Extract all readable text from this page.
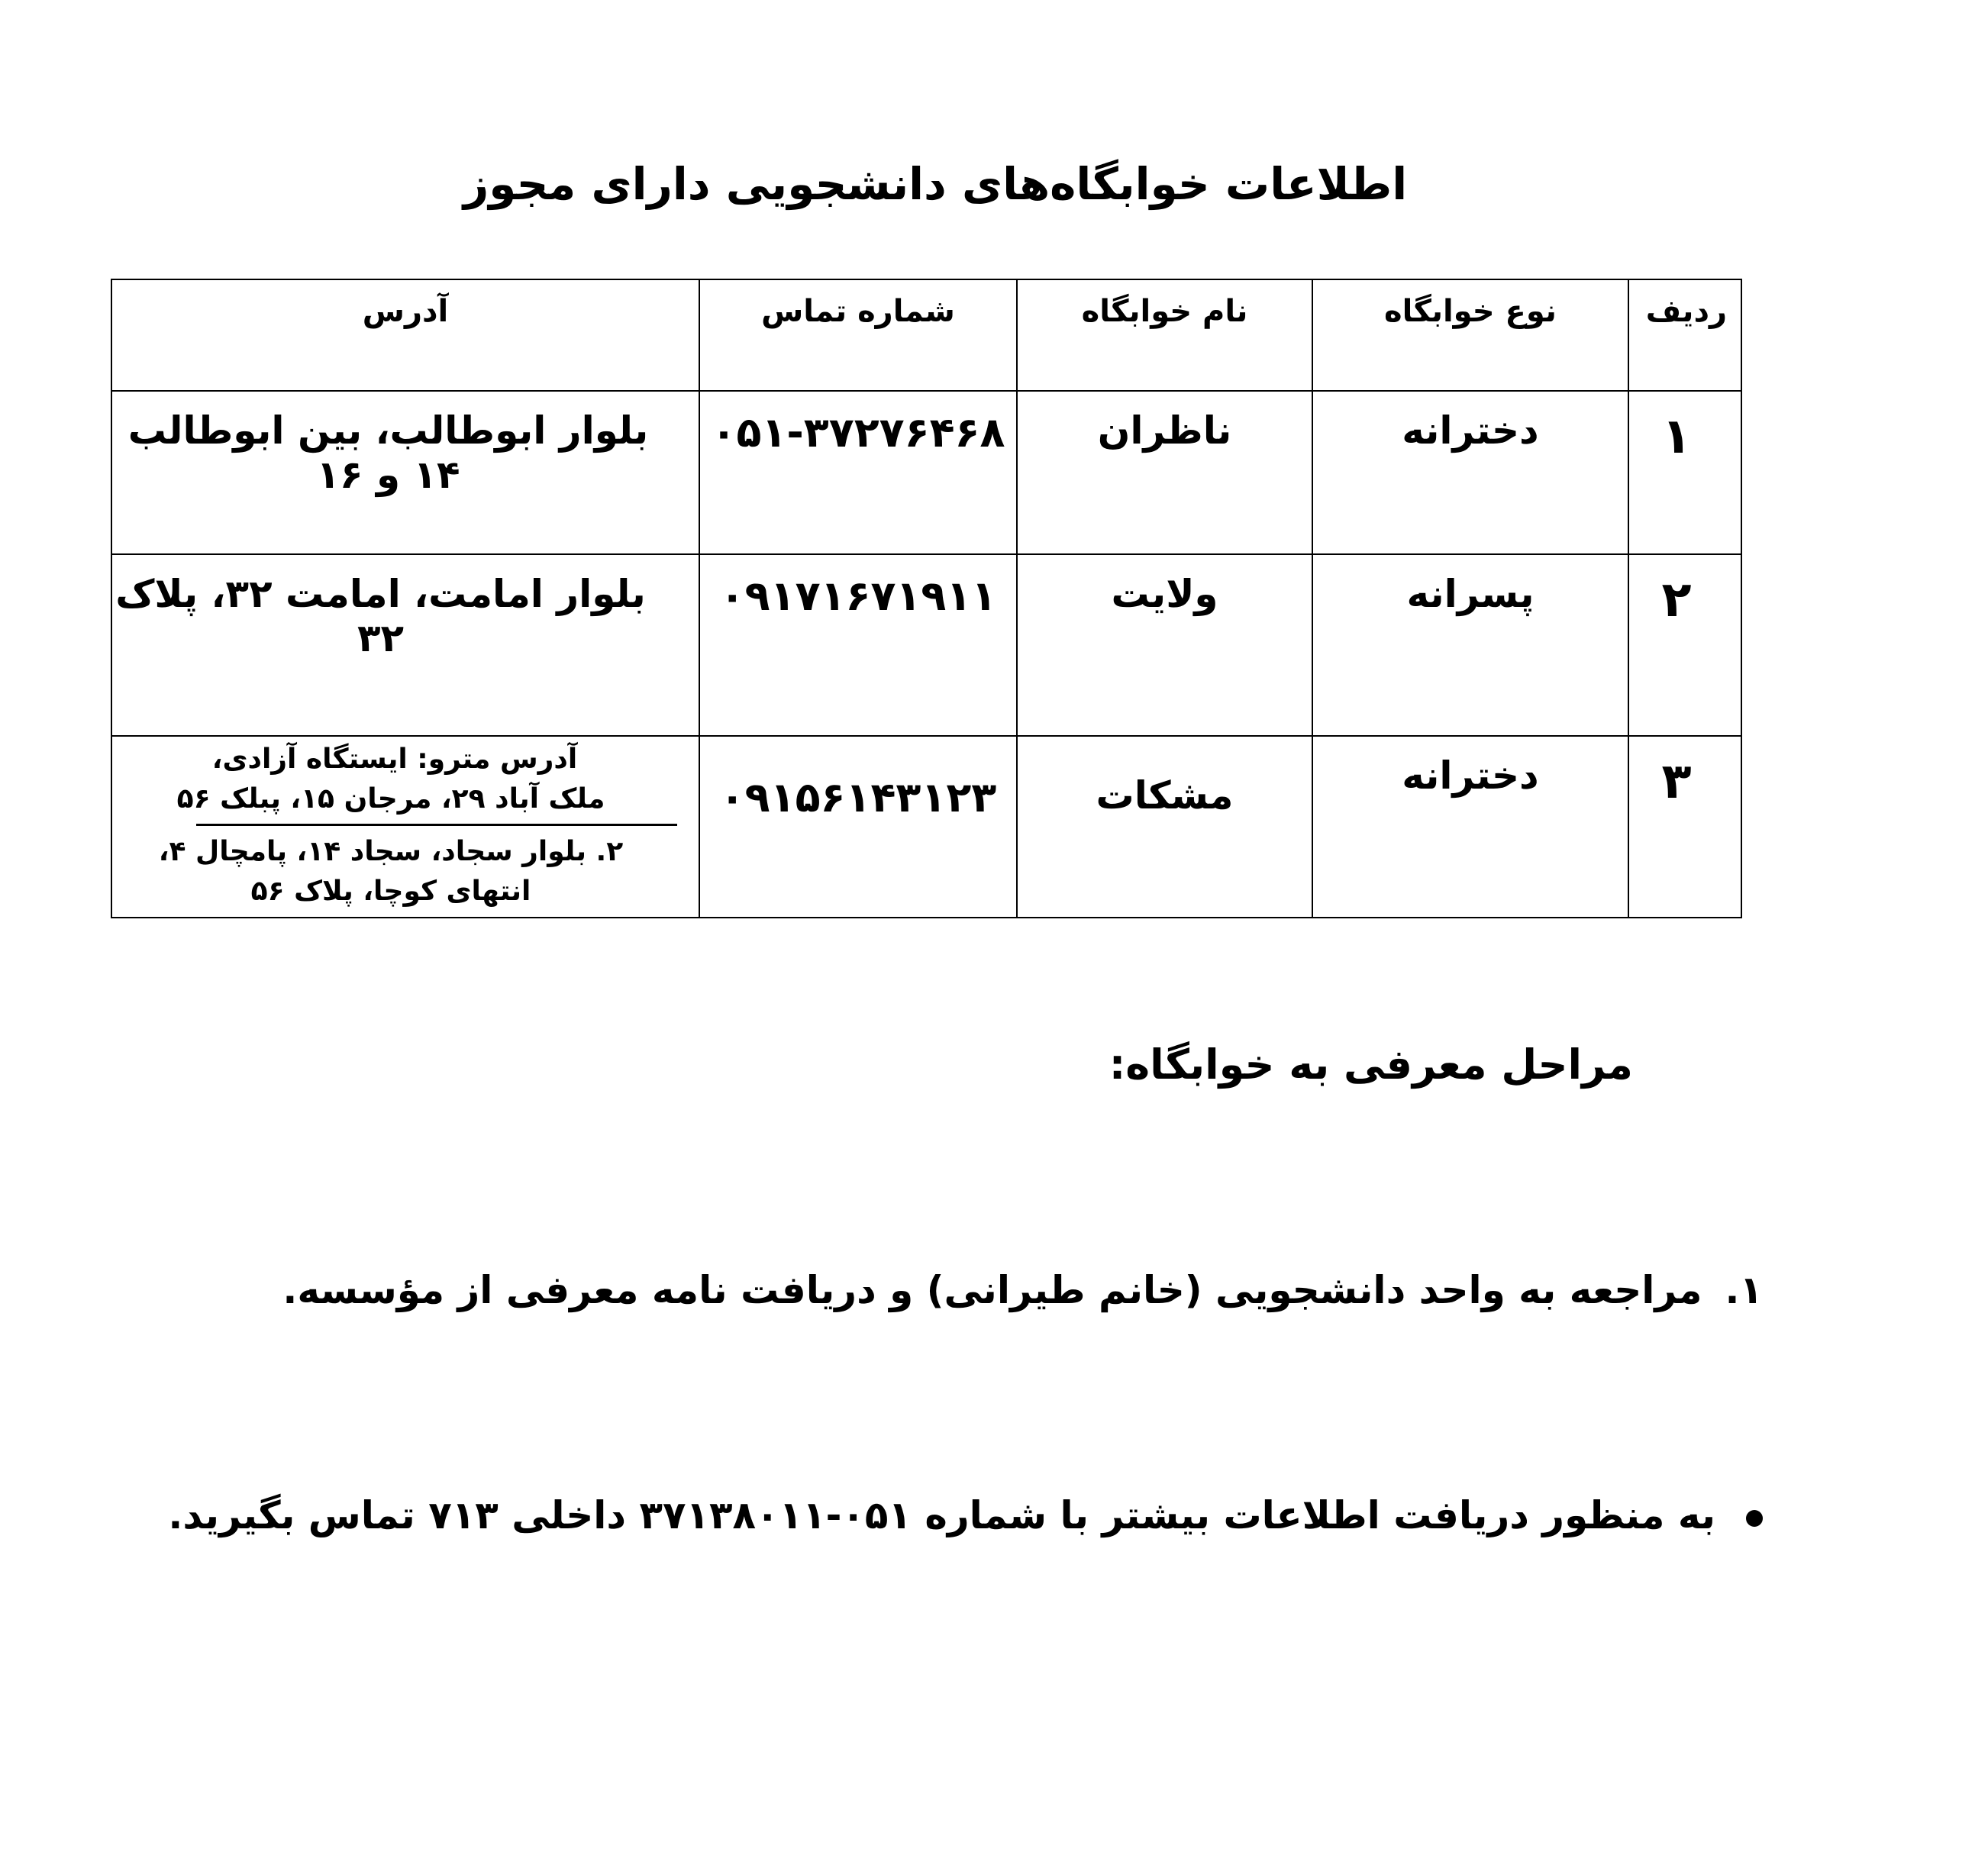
اطلاعات خوابگاه‌های دانشجویی دارای مجوز
ردیف	نوع خوابگاه	نام خوابگاه	شماره تماس	آدرس
۱	دخترانه	ناظران	۰۵۱-۳۷۲۷۶۴۶۸	بلوار ابوطالب، بین ابوطالب ۱۴ و ۱۶
۲	پسرانه	ولایت	۰۹۱۷۱۶۷۱۹۱۱	بلوار امامت، امامت ۳۲، پلاک ۳۲
۳	دخترانه	مشکات	۰۹۱۵۶۱۴۳۱۲۳	آدرس مترو: ایستگاه آزادی،
ملک آباد ۲۹، مرجان ۱۵، پبلک ۵۶
۲. بلوار سجاد، سجاد ۱۴، پامچال ۴،
انتهای کوچا، پلاک ۵۶
مراحل معرفی به خوابگاه:

۱.مراجعه به واحد دانشجویی (خانم طیرانی) و دریافت نامه معرفی از مؤسسه.

به منظور دریافت اطلاعات بیشتر با شماره ۰۵۱-۳۷۱۳۸۰۱۱ داخلی ۷۱۳ تماس بگیرید.
